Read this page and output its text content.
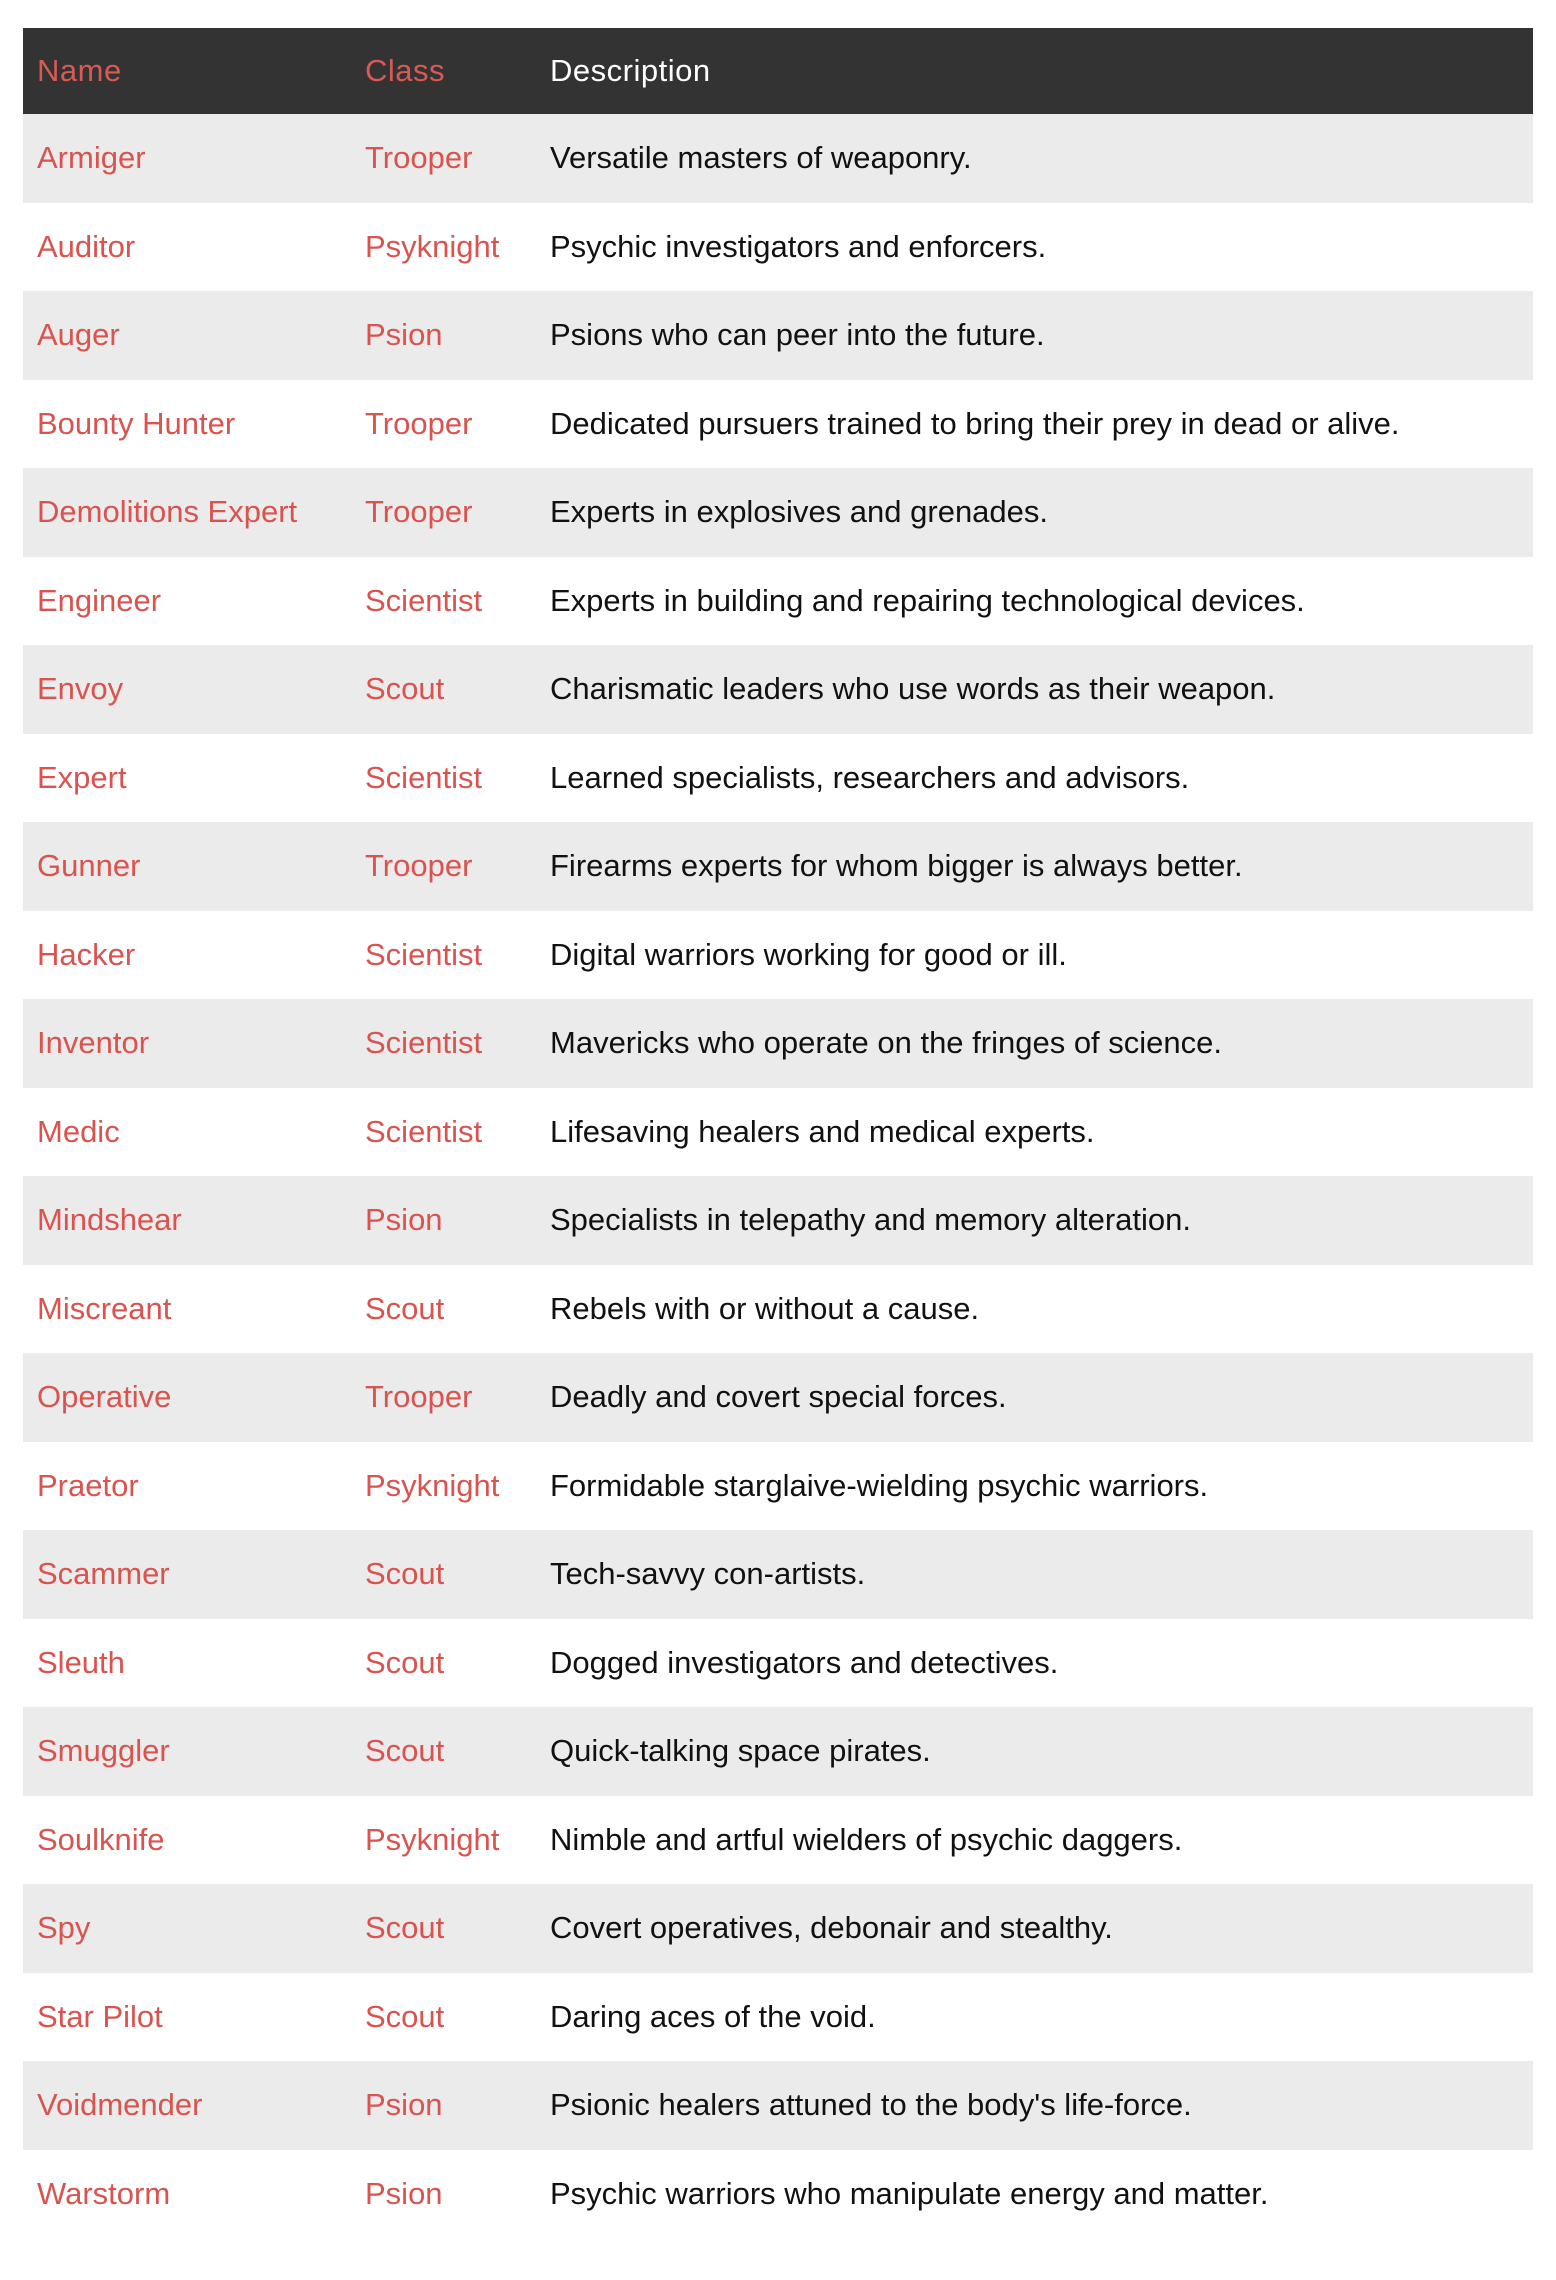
Name	Class	Description
Armiger	Trooper	Versatile masters of weaponry.
Auditor	Psyknight	Psychic investigators and enforcers.
Auger	Psion	Psions who can peer into the future.
Bounty Hunter	Trooper	Dedicated pursuers trained to bring their prey in dead or alive.
Demolitions Expert	Trooper	Experts in explosives and grenades.
Engineer	Scientist	Experts in building and repairing technological devices.
Envoy	Scout	Charismatic leaders who use words as their weapon.
Expert	Scientist	Learned specialists, researchers and advisors.
Gunner	Trooper	Firearms experts for whom bigger is always better.
Hacker	Scientist	Digital warriors working for good or ill.
Inventor	Scientist	Mavericks who operate on the fringes of science.
Medic	Scientist	Lifesaving healers and medical experts.
Mindshear	Psion	Specialists in telepathy and memory alteration.
Miscreant	Scout	Rebels with or without a cause.
Operative	Trooper	Deadly and covert special forces.
Praetor	Psyknight	Formidable starglaive-wielding psychic warriors.
Scammer	Scout	Tech-savvy con-artists.
Sleuth	Scout	Dogged investigators and detectives.
Smuggler	Scout	Quick-talking space pirates.
Soulknife	Psyknight	Nimble and artful wielders of psychic daggers.
Spy	Scout	Covert operatives, debonair and stealthy.
Star Pilot	Scout	Daring aces of the void.
Voidmender	Psion	Psionic healers attuned to the body's life-force.
Warstorm	Psion	Psychic warriors who manipulate energy and matter.
